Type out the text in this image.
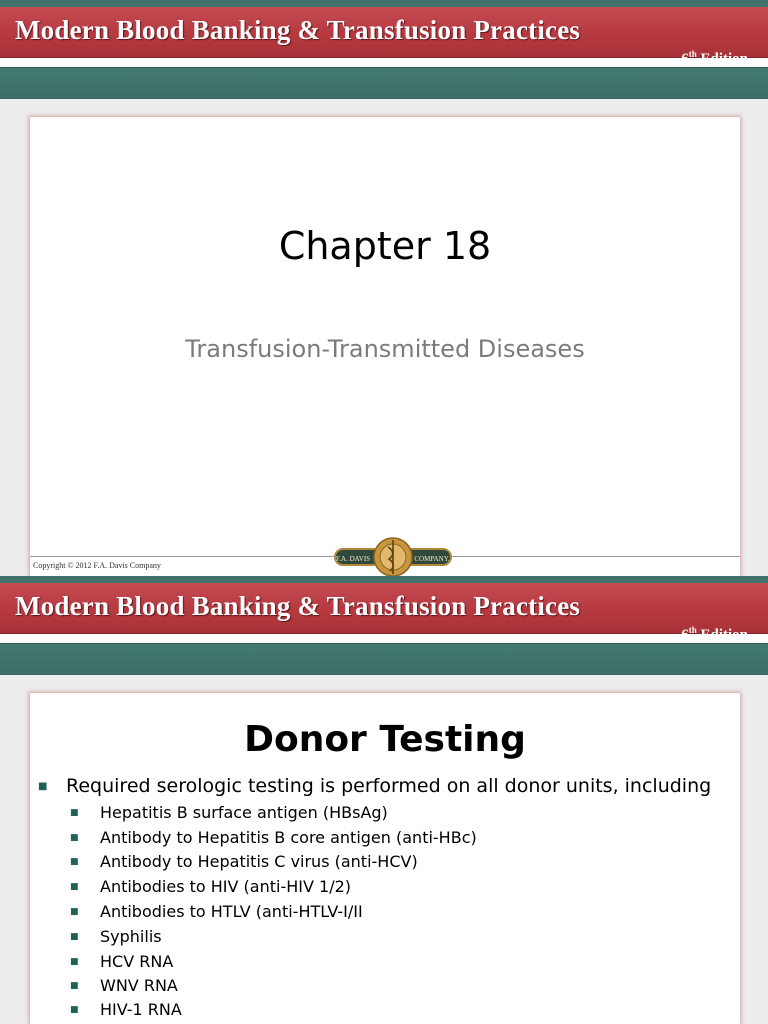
Modern Blood Banking & Transfusion Practices
6th Edition
Chapter 18
Transfusion-Transmitted Diseases
Copyright © 2012 F.A. Davis Company
F.A. DAVIS	COMPANY.
Modern Blood Banking & Transfusion Practices
6th Edition
Donor Testing
■ Required serologic testing is performed on all donor units, including
■ Hepatitis B surface antigen (HBsAg)
■ Antibody to Hepatitis B core antigen (anti-HBc)
■ Antibody to Hepatitis C virus (anti-HCV)
■ Antibodies to HIV (anti-HIV 1/2)
■ Antibodies to HTLV (anti-HTLV-I/II
■ Syphilis
■ HCV RNA
■ WNV RNA
■ HIV-1 RNA
